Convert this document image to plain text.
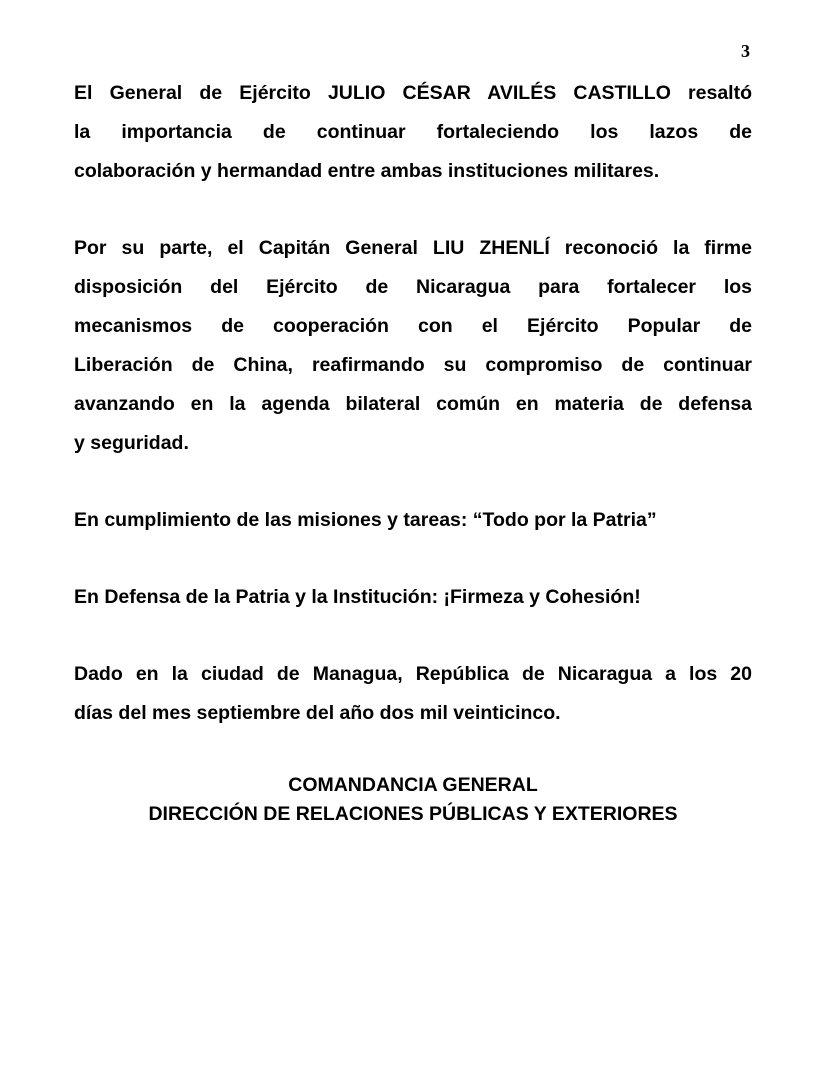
3
El General de Ejército JULIO CÉSAR AVILÉS CASTILLO resaltó
la importancia de continuar fortaleciendo los lazos de
colaboración y hermandad entre ambas instituciones militares.
Por su parte, el Capitán General LIU ZHENLÍ reconoció la firme
disposición del Ejército de Nicaragua para fortalecer los
mecanismos de cooperación con el Ejército Popular de
Liberación de China, reafirmando su compromiso de continuar
avanzando en la agenda bilateral común en materia de defensa
y seguridad.
En cumplimiento de las misiones y tareas: “Todo por la Patria”
En Defensa de la Patria y la Institución: ¡Firmeza y Cohesión!
Dado en la ciudad de Managua, República de Nicaragua a los 20
días del mes septiembre del año dos mil veinticinco.
COMANDANCIA GENERAL
DIRECCIÓN DE RELACIONES PÚBLICAS Y EXTERIORES
